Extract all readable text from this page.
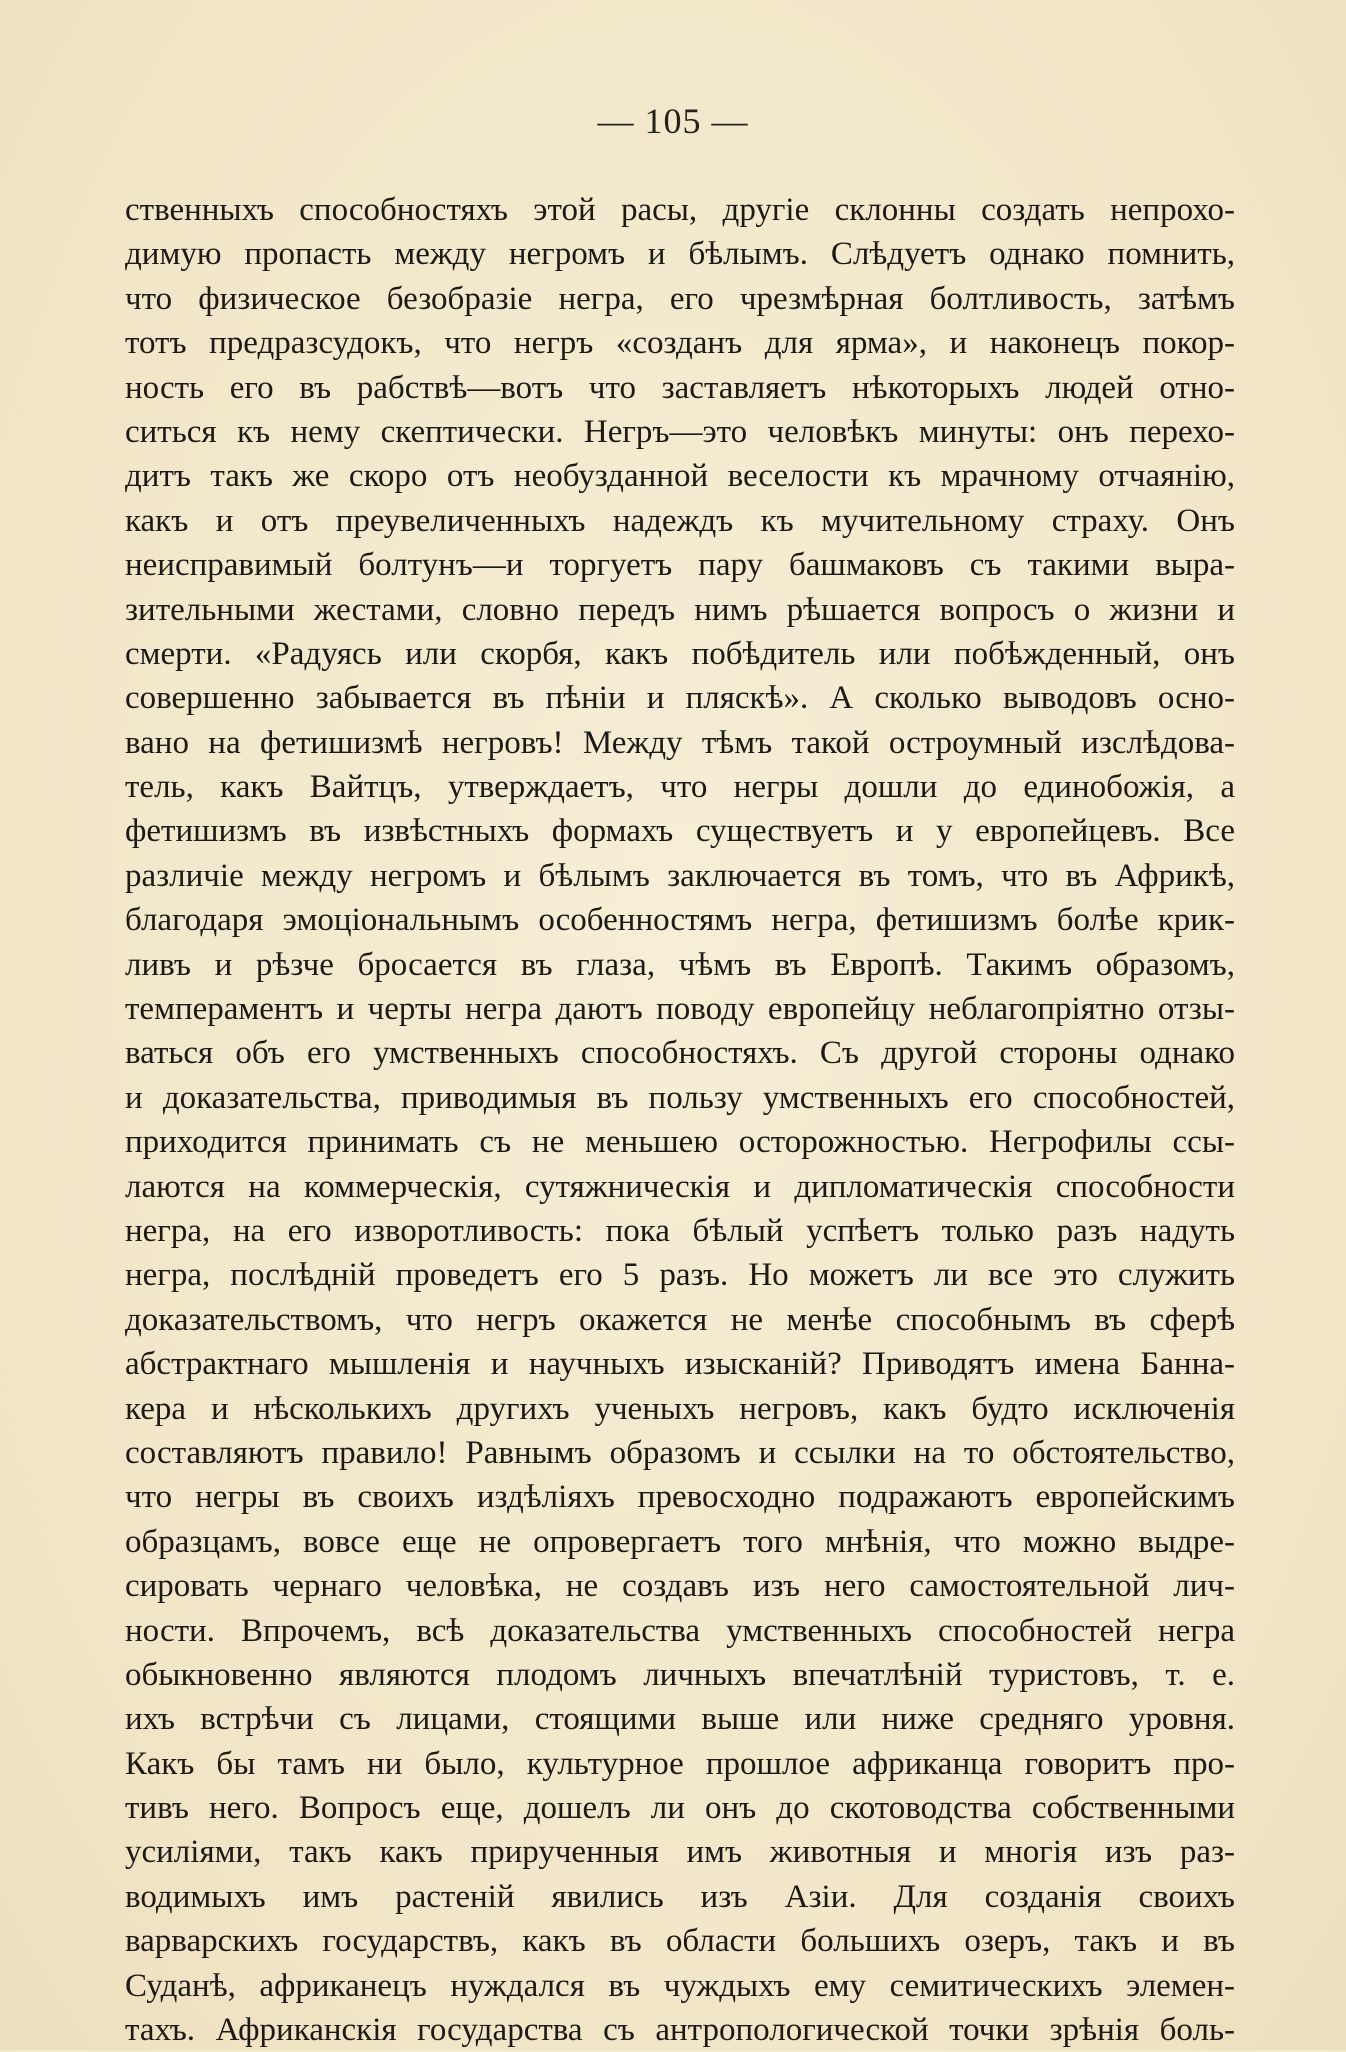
— 105 —
ственныхъ способностяхъ этой расы, другіе склонны создать непрохо-
димую пропасть между негромъ и бѣлымъ. Слѣдуетъ однако помнить,
что физическое безобразіе негра, его чрезмѣрная болтливость, затѣмъ
тотъ предразсудокъ, что негръ «созданъ для ярма», и наконецъ покор-
ность его въ рабствѣ—вотъ что заставляетъ нѣкоторыхъ людей отно-
ситься къ нему скептически. Негръ—это человѣкъ минуты: онъ перехо-
дитъ такъ же скоро отъ необузданной веселости къ мрачному отчаянію,
какъ и отъ преувеличенныхъ надеждъ къ мучительному страху. Онъ
неисправимый болтунъ—и торгуетъ пару башмаковъ съ такими выра-
зительными жестами, словно передъ нимъ рѣшается вопросъ о жизни и
смерти. «Радуясь или скорбя, какъ побѣдитель или побѣжденный, онъ
совершенно забывается въ пѣніи и пляскѣ». А сколько выводовъ осно-
вано на фетишизмѣ негровъ! Между тѣмъ такой остроумный изслѣдова-
тель, какъ Вайтцъ, утверждаетъ, что негры дошли до единобожія, а
фетишизмъ въ извѣстныхъ формахъ существуетъ и у европейцевъ. Все
различіе между негромъ и бѣлымъ заключается въ томъ, что въ Африкѣ,
благодаря эмоціональнымъ особенностямъ негра, фетишизмъ болѣе крик-
ливъ и рѣзче бросается въ глаза, чѣмъ въ Европѣ. Такимъ образомъ,
темпераментъ и черты негра даютъ поводу европейцу неблагопріятно отзы-
ваться объ его умственныхъ способностяхъ. Съ другой стороны однако
и доказательства, приводимыя въ пользу умственныхъ его способностей,
приходится принимать съ не меньшею осторожностью. Негрофилы ссы-
лаются на коммерческія, сутяжническія и дипломатическія способности
негра, на его изворотливость: пока бѣлый успѣетъ только разъ надуть
негра, послѣдній проведетъ его 5 разъ. Но можетъ ли все это служить
доказательствомъ, что негръ окажется не менѣе способнымъ въ сферѣ
абстрактнаго мышленія и научныхъ изысканій? Приводятъ имена Банна-
кера и нѣсколькихъ другихъ ученыхъ негровъ, какъ будто исключенія
составляютъ правило! Равнымъ образомъ и ссылки на то обстоятельство,
что негры въ своихъ издѣліяхъ превосходно подражаютъ европейскимъ
образцамъ, вовсе еще не опровергаетъ того мнѣнія, что можно выдре-
сировать чернаго человѣка, не создавъ изъ него самостоятельной лич-
ности. Впрочемъ, всѣ доказательства умственныхъ способностей негра
обыкновенно являются плодомъ личныхъ впечатлѣній туристовъ, т. е.
ихъ встрѣчи съ лицами, стоящими выше или ниже средняго уровня.
Какъ бы тамъ ни было, культурное прошлое африканца говоритъ про-
тивъ него. Вопросъ еще, дошелъ ли онъ до скотоводства собственными
усиліями, такъ какъ прирученныя имъ животныя и многія изъ раз-
водимыхъ имъ растеній явились изъ Азіи. Для созданія своихъ
варварскихъ государствъ, какъ въ области большихъ озеръ, такъ и въ
Суданѣ, африканецъ нуждался въ чуждыхъ ему семитическихъ элемен-
тахъ. Африканскія государства съ антропологической точки зрѣнія боль-
